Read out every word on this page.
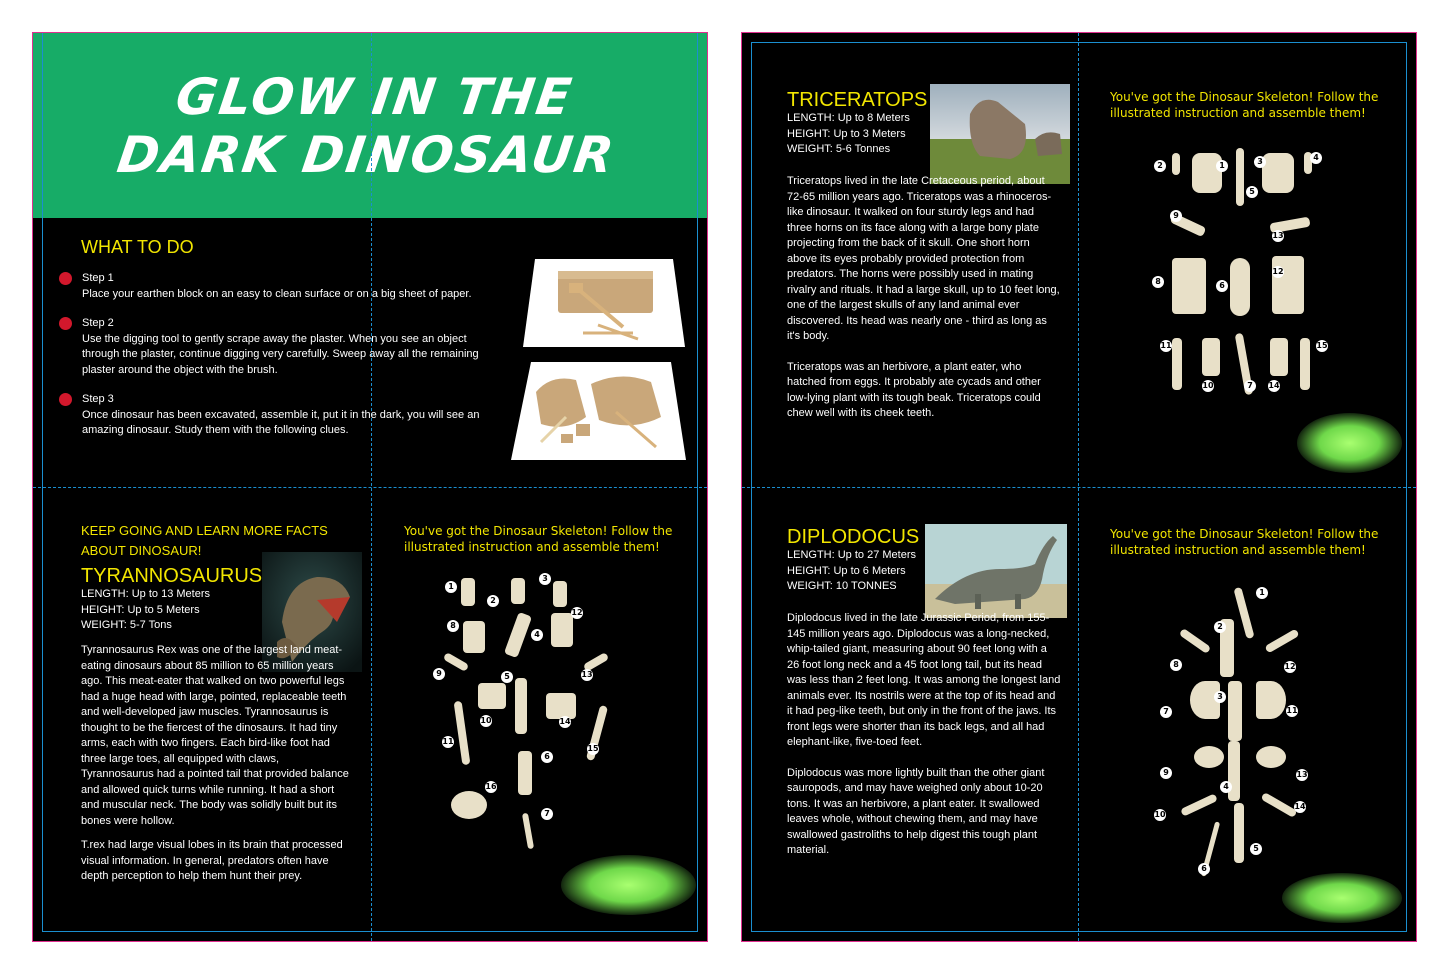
GLOW IN THE
DARK DINOSAUR
WHAT TO DO
Step 1
Place your earthen block on an easy to clean surface or on a big sheet of paper.
Step 2
Use the digging tool to gently scrape away the plaster. When you see an object through the plaster, continue digging very carefully. Sweep away all the remaining plaster around the object with the brush.
Step 3
Once dinosaur has been excavated, assemble it, put it in the dark, you will see an amazing dinosaur. Study them with the following clues.
KEEP GOING AND LEARN MORE FACTS ABOUT DINOSAUR!
TYRANNOSAURUS
LENGTH: Up to 13 Meters
HEIGHT: Up to 5 Meters
WEIGHT: 5-7 Tons

Tyrannosaurus Rex was one of the largest land meat-eating dinosaurs about 85 million to 65 million years ago. This meat-eater that walked on two powerful legs had a huge head with large, pointed, replaceable teeth and well-developed jaw muscles. Tyrannosaurus is thought to be the fiercest of the dinosaurs. It had tiny arms, each with two fingers. Each bird-like foot had three large toes, all equipped with claws, Tyrannosaurus had a pointed tail that provided balance and allowed quick turns while running. It had a short and muscular neck. The body was solidly built but its bones were hollow.

T.rex had large visual lobes in its brain that processed visual information. In general, predators often have depth perception to help them hunt their prey.

You've got the Dinosaur Skeleton! Follow the illustrated instruction and assemble them!
1
2
3
4
5
6
7
8
9
10
11
12
13
14
15
16
TRICERATOPS
LENGTH: Up to 8 Meters
HEIGHT: Up to 3 Meters
WEIGHT: 5-6 Tonnes

Triceratops lived in the late Cretaceous period, about 72-65 million years ago. Triceratops was a rhinoceros-like dinosaur. It walked on four sturdy legs and had three horns on its face along with a large bony plate projecting from the back of it skull. One short horn above its eyes probably provided protection from predators. The horns were possibly used in mating rivalry and rituals. It had a large skull, up to 10 feet long, one of the largest skulls of any land animal ever discovered. Its head was nearly one - third as long as it's body.

Triceratops was an herbivore, a plant eater, who hatched from eggs. It probably ate cycads and other low-lying plant with its tough beak. Triceratops could chew well with its cheek teeth.

You've got the Dinosaur Skeleton! Follow the illustrated instruction and assemble them!
1
2	3	4
5
6
7
8
9
10
11
12
13
14
15
DIPLODOCUS
LENGTH: Up to 27 Meters
HEIGHT: Up to 6 Meters
WEIGHT: 10 TONNES

Diplodocus lived in the late Jurassic Period, from 155-145 million years ago. Diplodocus was a long-necked, whip-tailed giant, measuring about 90 feet long with a 26 foot long neck and a 45 foot long tail, but its head was less than 2 feet long. It was among the longest land animals ever. Its nostrils were at the top of its head and it had peg-like teeth, but only in the front of the jaws. Its front legs were shorter than its back legs, and all had elephant-like, five-toed feet.

Diplodocus was more lightly built than the other giant sauropods, and may have weighed only about 10-20 tons. It was an herbivore, a plant eater. It swallowed leaves whole, without chewing them, and may have swallowed gastroliths to help digest this tough plant material.

You've got the Dinosaur Skeleton! Follow the illustrated instruction and assemble them!
1
2
3
4
5
6
7
8
9
10
11
12
13
14
